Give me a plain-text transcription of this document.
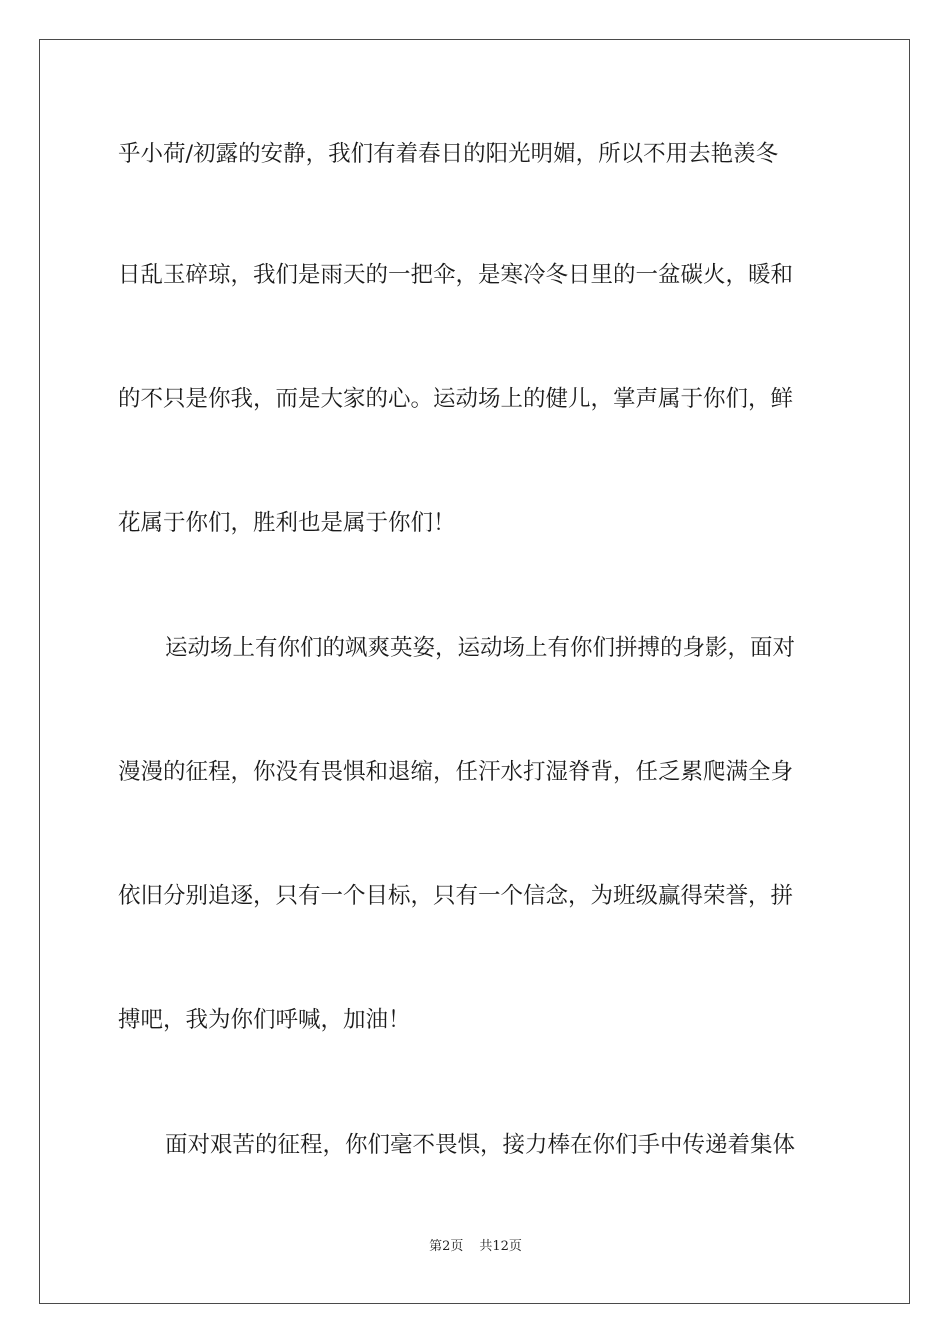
乎小荷/初露的安静，我们有着春日的阳光明媚，所以不用去艳羡冬
日乱玉碎琼，我们是雨天的一把伞，是寒冷冬日里的一盆碳火，暖和
的不只是你我，而是大家的心。运动场上的健儿，掌声属于你们，鲜
花属于你们，胜利也是属于你们！
运动场上有你们的飒爽英姿，运动场上有你们拼搏的身影，面对
漫漫的征程，你没有畏惧和退缩，任汗水打湿脊背，任乏累爬满全身
依旧分别追逐，只有一个目标，只有一个信念，为班级赢得荣誉，拼
搏吧，我为你们呼喊，加油！
面对艰苦的征程，你们毫不畏惧，接力棒在你们手中传递着集体
第2页 共12页
